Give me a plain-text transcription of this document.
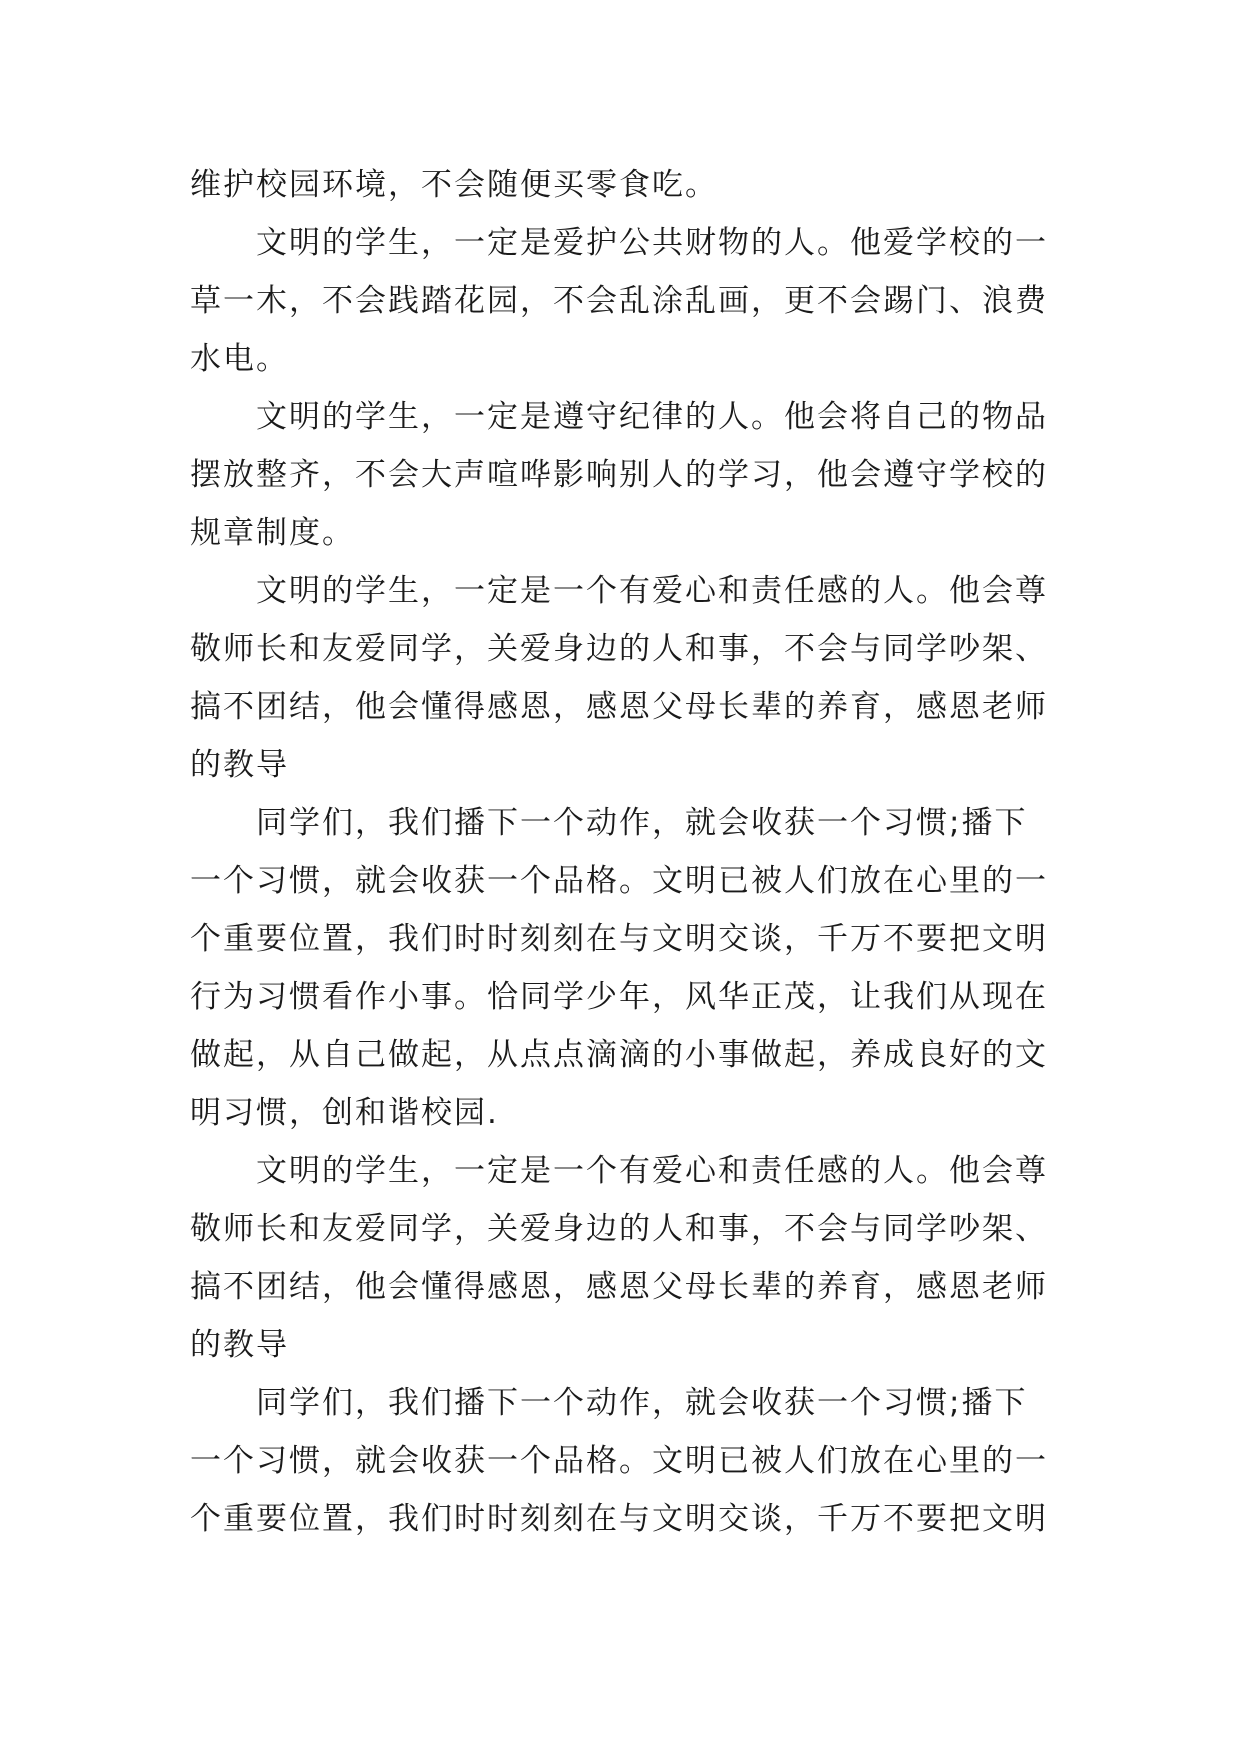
维护校园环境，不会随便买零食吃。
文明的学生，一定是爱护公共财物的人。他爱学校的一
草一木，不会践踏花园，不会乱涂乱画，更不会踢门、浪费
水电。
文明的学生，一定是遵守纪律的人。他会将自己的物品
摆放整齐，不会大声喧哗影响别人的学习，他会遵守学校的
规章制度。
文明的学生，一定是一个有爱心和责任感的人。他会尊
敬师长和友爱同学，关爱身边的人和事，不会与同学吵架、
搞不团结，他会懂得感恩，感恩父母长辈的养育，感恩老师
的教导
同学们，我们播下一个动作，就会收获一个习惯;播下
一个习惯，就会收获一个品格。文明已被人们放在心里的一
个重要位置，我们时时刻刻在与文明交谈，千万不要把文明
行为习惯看作小事。恰同学少年，风华正茂，让我们从现在
做起，从自己做起，从点点滴滴的小事做起，养成良好的文
明习惯，创和谐校园.
文明的学生，一定是一个有爱心和责任感的人。他会尊
敬师长和友爱同学，关爱身边的人和事，不会与同学吵架、
搞不团结，他会懂得感恩，感恩父母长辈的养育，感恩老师
的教导
同学们，我们播下一个动作，就会收获一个习惯;播下
一个习惯，就会收获一个品格。文明已被人们放在心里的一
个重要位置，我们时时刻刻在与文明交谈，千万不要把文明
